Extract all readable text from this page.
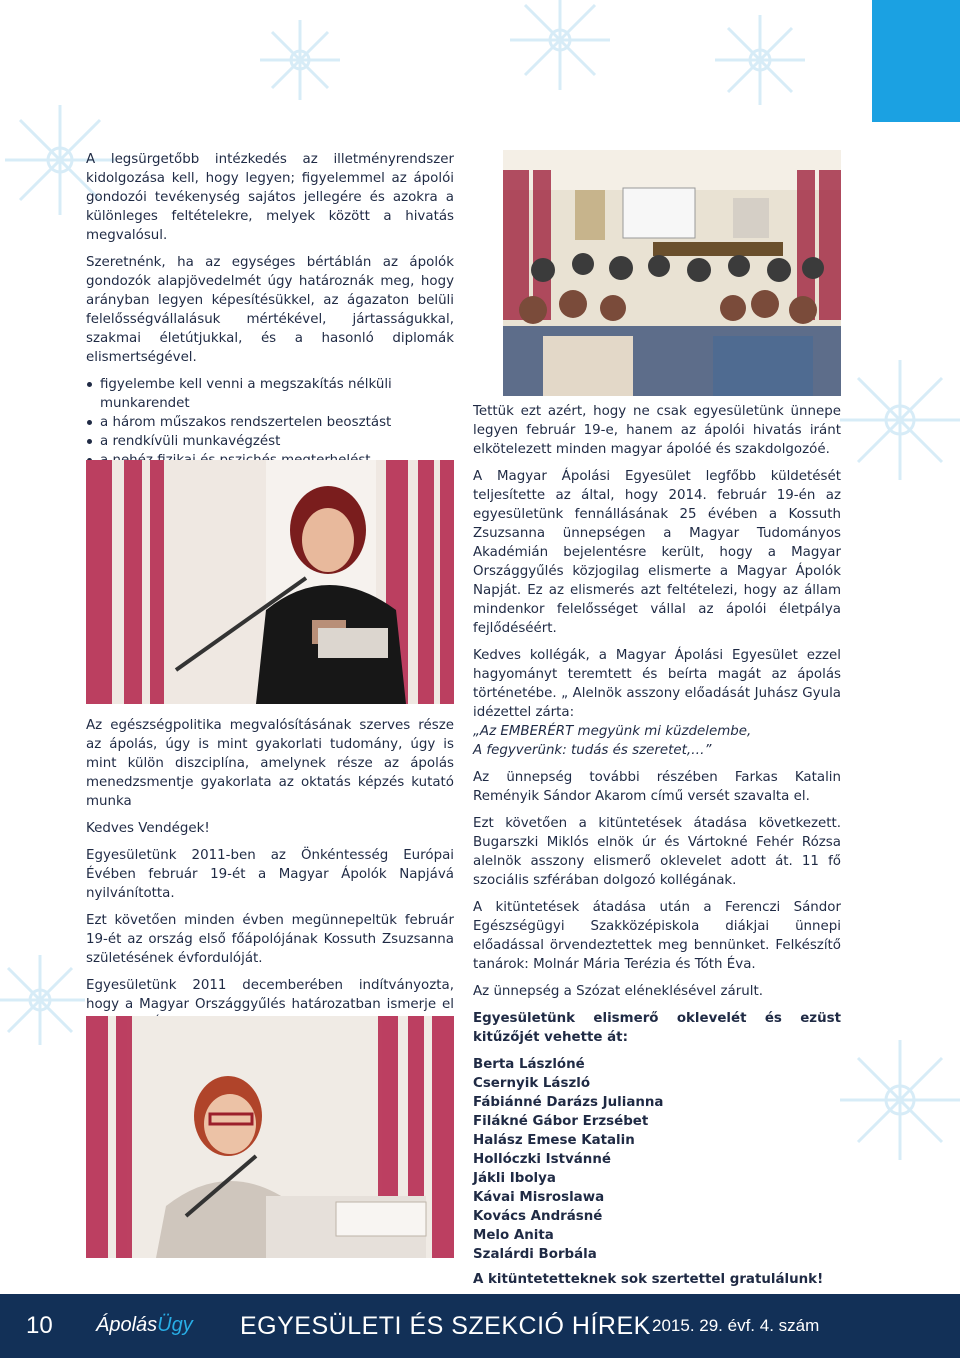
A legsürgetőbb intézkedés az illetményrendszer kidolgozása kell, hogy legyen; figyelemmel az ápolói gondozói tevékenység sajátos jellegére és azokra a különleges feltételekre, melyek között a hivatás megvalósul.

Szeretnénk, ha az egységes bértáblán az ápolók gondozók alapjövedelmét úgy határoznák meg, hogy arányban legyen képesítésükkel, az ágazaton belüli felelősségvállalásuk mértékével, jártasságukkal, szakmai életútjukkal, és a hasonló diplomák elismertségével.

figyelembe kell venni a megszakítás nélküli munkarendet
a három műszakos rendszertelen beosztást
a rendkívüli munkavégzést

Az egészségpolitika megvalósításának szerves része az ápolás, úgy is mint gyakorlati tudomány, úgy is mint külön diszciplína, amelynek része az ápolás menedzsmentje gyakorlata az oktatás képzés kutató munka

Kedves Vendégek!

Egyesületünk 2011-ben az Önkéntesség Európai Évében február 19-ét a Magyar Ápolók Napjává nyilvánította.

Ezt követően minden évben megünnepeltük február 19-ét az ország első főápolójának Kossuth Zsuzsanna születésének évfordulóját.

Egyesületünk 2011 decemberében indítványozta, hogy a Magyar Országgyűlés határozatban ismerje el

Tettük ezt azért, hogy ne csak egyesületünk ünnepe legyen február 19-e, hanem az ápolói hivatás iránt elkötelezett minden magyar ápolóé és szakdolgozóé.

A Magyar Ápolási Egyesület legfőbb küldetését teljesítette az által, hogy 2014. február 19-én az egyesületünk fennállásának 25 évében a Kossuth Zsuzsanna ünnepségen a Magyar Tudományos Akadémián bejelentésre került, hogy a Magyar Országgyűlés közjogilag elismerte a Magyar Ápolók Napját. Ez az elismerés azt feltételezi, hogy az állam mindenkor felelősséget vállal az ápolói életpálya fejlődéséért.

Kedves kollégák, a Magyar Ápolási Egyesület ezzel hagyományt teremtett és beírta magát az ápolás történetébe. „ Alelnök asszony előadását Juhász Gyula idézettel zárta:
„Az EMBERÉRT megyünk mi küzdelembe,
A fegyverünk: tudás és szeretet,…”

Az ünnepség további részében Farkas Katalin Reményik Sándor Akarom című versét szavalta el.

Ezt követően a kitüntetések átadása következett. Bugarszki Miklós elnök úr és Vártokné Fehér Rózsa alelnök asszony elismerő oklevelet adott át. 11 fő szociális szférában dolgozó kollégának.

A kitüntetések átadása után a Ferenczi Sándor Egészségügyi Szakközépiskola diákjai ünnepi előadással örvendeztettek meg bennünket. Felkészítő tanárok: Molnár Mária Terézia és Tóth Éva.

Az ünnepség a Szózat eléneklésével zárult.

Egyesületünk elismerő oklevelét és ezüst kitűzőjét vehette át:

Berta Lászlóné
Csernyik László
Fábiánné Darázs Julianna
Filákné Gábor Erzsébet
Halász Emese Katalin
Hollóczki Istvánné
Jákli Ibolya
Kávai Misroslawa
Kovács Andrásné
Melo Anita
Szalárdi Borbála

A kitüntetetteknek sok szertettel gratulálunk!

10 ÁpolásÜgy EGYESÜLETI ÉS SZEKCIÓ HÍREK 2015. 29. évf. 4. szám
